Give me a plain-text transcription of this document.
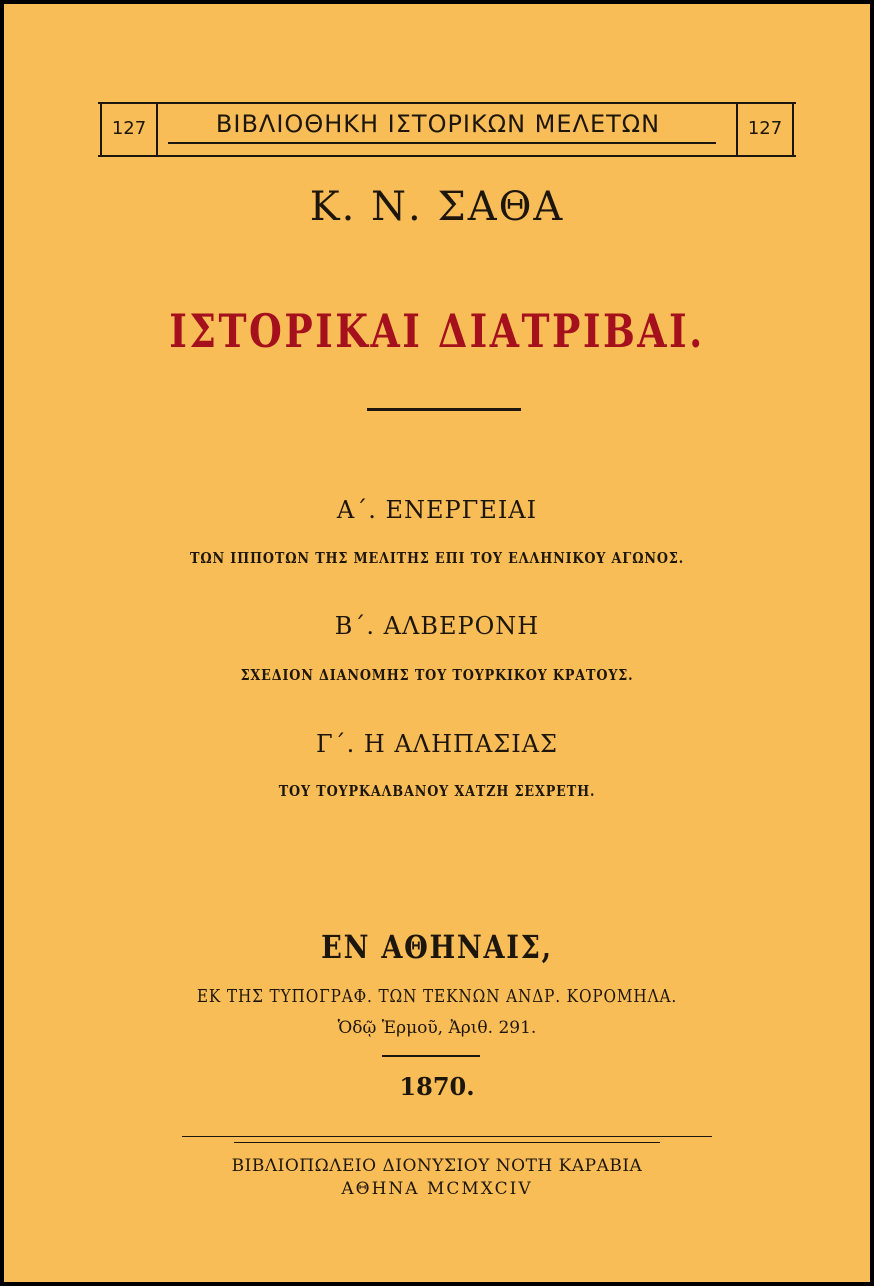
127	ΒΙΒΛΙΟΘΗΚΗ ΙΣΤΟΡΙΚΩΝ ΜΕΛΕΤΩΝ	127
Κ. Ν. ΣΑΘΑ
ΙΣΤΟΡΙΚΑΙ ΔΙΑΤΡΙΒΑΙ.
Α΄. ΕΝΕΡΓΕΙΑΙ
ΤΩΝ ΙΠΠΟΤΩΝ ΤΗΣ ΜΕΛΙΤΗΣ ΕΠΙ ΤΟΥ ΕΛΛΗΝΙΚΟΥ ΑΓΩΝΟΣ.
Β΄. ΑΛΒΕΡΟΝΗ
ΣΧΕΔΙΟΝ ΔΙΑΝΟΜΗΣ ΤΟΥ ΤΟΥΡΚΙΚΟΥ ΚΡΑΤΟΥΣ.
Γ΄. Η ΑΛΗΠΑΣΙΑΣ
ΤΟΥ ΤΟΥΡΚΑΛΒΑΝΟΥ ΧΑΤΖΗ ΣΕΧΡΕΤΗ.
ΕΝ ΑΘΗΝΑΙΣ,
ΕΚ ΤΗΣ ΤΥΠΟΓΡΑΦ. ΤΩΝ ΤΕΚΝΩΝ ΑΝΔΡ. ΚΟΡΟΜΗΛΑ.
Ὁδῷ Ἑρμοῦ, Ἀριθ. 291.
1870.
ΒΙΒΛΙΟΠΩΛΕΙΟ ΔΙΟΝΥΣΙΟΥ ΝΟΤΗ ΚΑΡΑΒΙΑ
ΑΘΗΝΑ ΜCMXCIV
